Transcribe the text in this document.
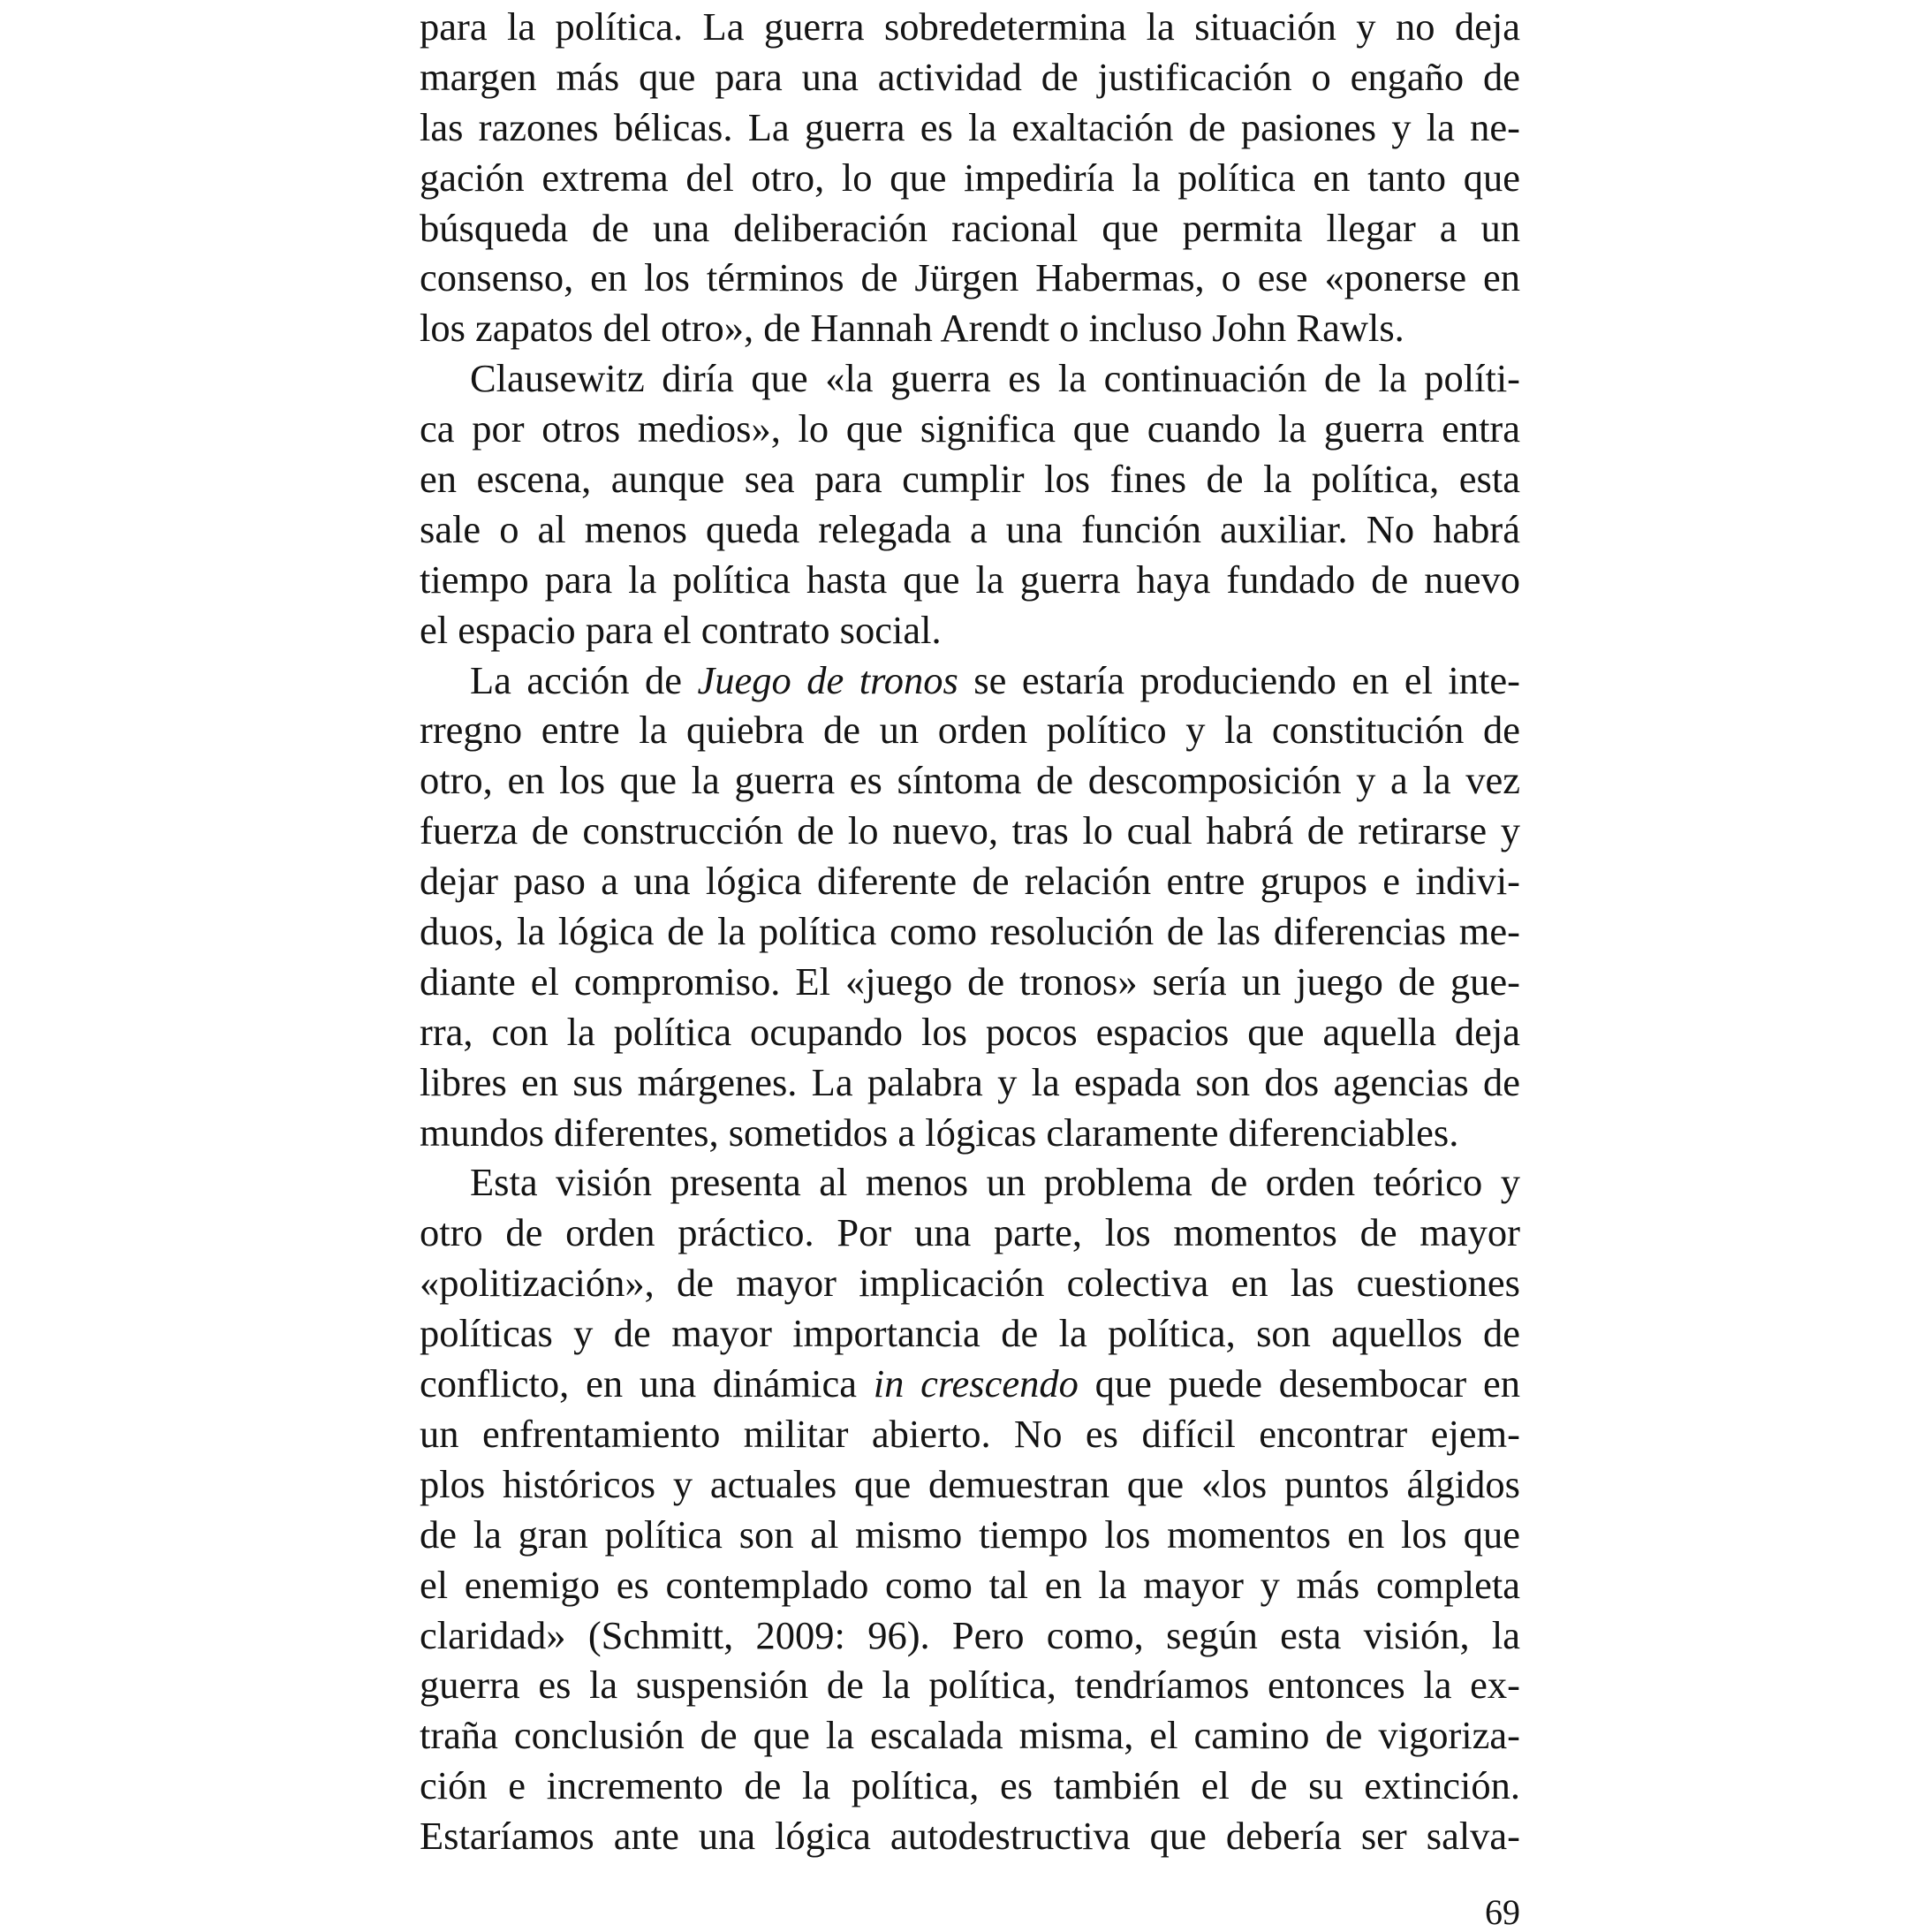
para la política. La guerra sobredetermina la situación y no deja
margen más que para una actividad de justificación o engaño de
las razones bélicas. La guerra es la exaltación de pasiones y la ne-
gación extrema del otro, lo que impediría la política en tanto que
búsqueda de una deliberación racional que permita llegar a un
consenso, en los términos de Jürgen Habermas, o ese «ponerse en
los zapatos del otro», de Hannah Arendt o incluso John Rawls.
Clausewitz diría que «la guerra es la continuación de la políti-
ca por otros medios», lo que significa que cuando la guerra entra
en escena, aunque sea para cumplir los fines de la política, esta
sale o al menos queda relegada a una función auxiliar. No habrá
tiempo para la política hasta que la guerra haya fundado de nuevo
el espacio para el contrato social.
La acción de Juego de tronos se estaría produciendo en el inte-
rregno entre la quiebra de un orden político y la constitución de
otro, en los que la guerra es síntoma de descomposición y a la vez
fuerza de construcción de lo nuevo, tras lo cual habrá de retirarse y
dejar paso a una lógica diferente de relación entre grupos e indivi-
duos, la lógica de la política como resolución de las diferencias me-
diante el compromiso. El «juego de tronos» sería un juego de gue-
rra, con la política ocupando los pocos espacios que aquella deja
libres en sus márgenes. La palabra y la espada son dos agencias de
mundos diferentes, sometidos a lógicas claramente diferenciables.
Esta visión presenta al menos un problema de orden teórico y
otro de orden práctico. Por una parte, los momentos de mayor
«politización», de mayor implicación colectiva en las cuestiones
políticas y de mayor importancia de la política, son aquellos de
conflicto, en una dinámica in crescendo que puede desembocar en
un enfrentamiento militar abierto. No es difícil encontrar ejem-
plos históricos y actuales que demuestran que «los puntos álgidos
de la gran política son al mismo tiempo los momentos en los que
el enemigo es contemplado como tal en la mayor y más completa
claridad» (Schmitt, 2009: 96). Pero como, según esta visión, la
guerra es la suspensión de la política, tendríamos entonces la ex-
traña conclusión de que la escalada misma, el camino de vigoriza-
ción e incremento de la política, es también el de su extinción.
Estaríamos ante una lógica autodestructiva que debería ser salva-
69
